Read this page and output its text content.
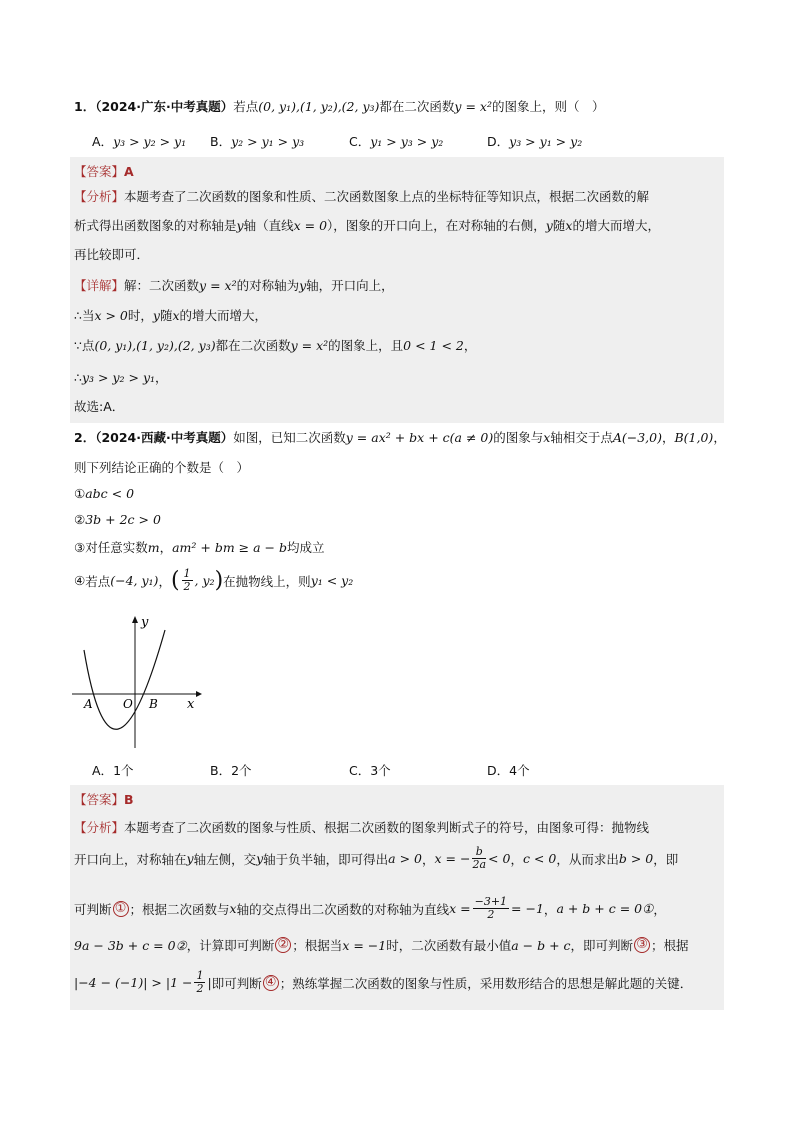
1．（2024·广东·中考真题）若点(0, y₁),(1, y₂),(2, y₃)都在二次函数y = x²的图象上，则（　）
A．y₃ > y₂ > y₁ B．y₂ > y₁ > y₃	C．y₁ > y₃ > y₂	D．y₃ > y₁ > y₂
【答案】A
【分析】本题考查了二次函数的图象和性质、二次函数图象上点的坐标特征等知识点，根据二次函数的解
析式得出函数图象的对称轴是y轴（直线x = 0），图象的开口向上，在对称轴的右侧，y随x的增大而增大，
再比较即可．
【详解】解：二次函数y = x²的对称轴为y轴，开口向上，
∴当x > 0时，y随x的增大而增大，
∵点(0, y₁),(1, y₂),(2, y₃)都在二次函数y = x²的图象上，且0 < 1 < 2，
∴y₃ > y₂ > y₁，
故选:A．
2．（2024·西藏·中考真题）如图，已知二次函数y = ax² + bx + c(a ≠ 0)的图象与x轴相交于点A(−3,0)，B(1,0)，
则下列结论正确的个数是（　）
①abc < 0
②3b + 2c > 0
③对任意实数m，am² + bm ≥ a − b均成立
④ 若点 (−4, y₁) ， ( $\frac{1}{2}$ , y₂ ) 在抛物线上，则 y₁ < y₂
y
x
A	O B
A．1个	B．2个	C．3个	D．4个
【答案】B
【分析】本题考查了二次函数的图象与性质、根据二次函数的图象判断式子的符号，由图象可得：抛物线
开口向上，对称轴在 y 轴左侧，交 y 轴于负半轴，即可得出 a > 0 ， x = − $\frac{b}{2a} < 0$ ， c < 0 ，从而求出 b > 0 ，即
可判断 ① ；根据二次函数与 x 轴的交点得出二次函数的对称轴为直线 $x = \frac{-3+1}{2} = -1$ ， a + b + c = 0① ，
9a − 3b + c = 0② ，计算即可判断 ② ；根据当 x = −1 时，二次函数有最小值 a − b + c ，即可判断 ③ ；根据
$|-4 - (-1)| > |1 - \frac{1}{2}$ | 即可判断 ④ ；熟练掌握二次函数的图象与性质，采用数形结合的思想是解此题的关键．
